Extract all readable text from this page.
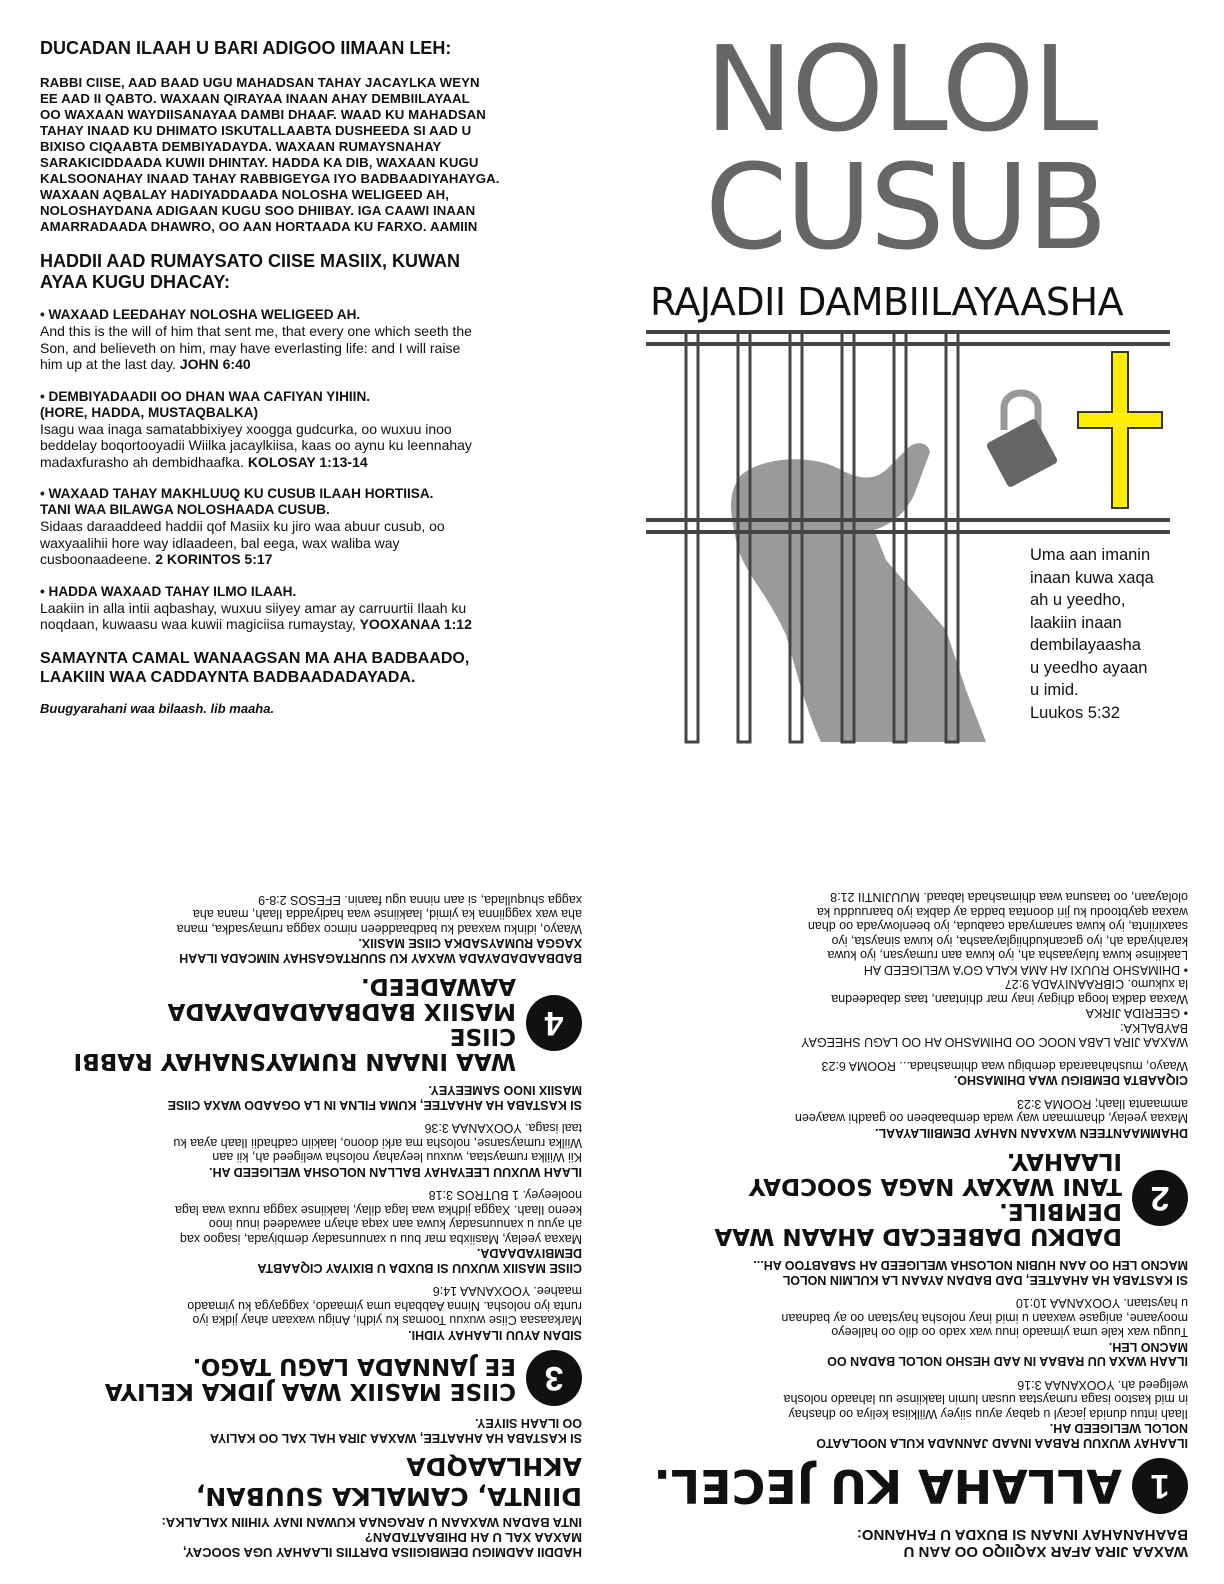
DUCADAN ILAAH U BARI ADIGOO IIMAAN LEH:
RABBI CIISE, AAD BAAD UGU MAHADSAN TAHAY JACAYLKA WEYN
EE AAD II QABTO. WAXAAN QIRAYAA INAAN AHAY DEMBIILAYAAL
OO WAXAAN WAYDIISANAYAA DAMBI DHAAF. WAAD KU MAHADSAN
TAHAY INAAD KU DHIMATO ISKUTALLAABTA DUSHEEDA SI AAD U
BIXISO CIQAABTA DEMBIYADAYDA. WAXAAN RUMAYSNAHAY
SARAKICIDDAADA KUWII DHINTAY. HADDA KA DIB, WAXAAN KUGU
KALSOONAHAY INAAD TAHAY RABBIGEYGA IYO BADBAADIYAHAYGA.
WAXAAN AQBALAY HADIYADDAADA NOLOSHA WELIGEED AH,
NOLOSHAYDANA ADIGAAN KUGU SOO DHIIBAY. IGA CAAWI INAAN
AMARRADAADA DHAWRO, OO AAN HORTAADA KU FARXO. AAMIIN
HADDII AAD RUMAYSATO CIISE MASIIX, KUWAN
AYAA KUGU DHACAY:
• WAXAAD LEEDAHAY NOLOSHA WELIGEED AH.
And this is the will of him that sent me, that every one which seeth the
Son, and believeth on him, may have everlasting life: and I will raise
him up at the last day. JOHN 6:40
• DEMBIYADAADII OO DHAN WAA CAFIYAN YIHIIN.
(HORE, HADDA, MUSTAQBALKA)
Isagu waa inaga samatabbixiyey xoogga gudcurka, oo wuxuu inoo
beddelay boqortooyadii Wiilka jacaylkiisa, kaas oo aynu ku leennahay
madaxfurasho ah dembidhaafka. KOLOSAY 1:13-14
• WAXAAD TAHAY MAKHLUUQ KU CUSUB ILAAH HORTIISA.
TANI WAA BILAWGA NOLOSHAADA CUSUB.
Sidaas daraaddeed haddii qof Masiix ku jiro waa abuur cusub, oo
waxyaalihii hore way idlaadeen, bal eega, wax waliba way
cusboonaadeene. 2 KORINTOS 5:17
• HADDA WAXAAD TAHAY ILMO ILAAH.
Laakiin in alla intii aqbashay, wuxuu siiyey amar ay carruurtii Ilaah ku
noqdaan, kuwaasu waa kuwii magiciisa rumaystay, YOOXANAA 1:12
SAMAYNTA CAMAL WANAAGSAN MA AHA BADBAADO,
LAAKIIN WAA CADDAYNTA BADBAADADAYADA.
Buugyarahani waa bilaash. lib maaha.
NOLOL
CUSUB
RAJADII DAMBIILAYAASHA
Uma aan imanin
inaan kuwa xaqa
ah u yeedho,
laakiin inaan
dembilayaasha
u yeedho ayaan
u imid.
Luukos 5:32
WAXAA JIRA AFAR XAQIIQO OO AAN U
BAAHANAHAY INAAN SI BUXDA U FAHANNO:
1
ALLAHA KU JECEL.
ILAAHAY WUXUU RABAA INAAD JANNADA KULA NOOLAATO
NOLOL WELIGEED AH.
Ilaah intuu dunida jacayl u qabay ayuu siiyey Wiilkiisa keliya oo dhashay
in mid kastoo isaga rumaystaa uusan lumin laakiinse uu lahaado nolosha
weligeed ah. YOOXANAA 3:16
ILAAH WAXA UU RABAA IN AAD HESHO NOLOL BADAN OO
MACNO LEH.
Tuugu wax kale uma yimaado inuu wax xado oo dilo oo halleeyo
mooyaane, anigase waxaan u imid inay nolosha haystaan oo ay badnaan
u haystaan. YOOXANAA 10:10
SI KASTABA HA AHAATEE, DAD BADAN AYAAN LA KULMIN NOLOL
MACNO LEH OO AAN HUBIN NOLOSHA WELIGEED AH SABABTOO AH...
2
DADKU DABEECAD AHAAN WAA DEMBILE.
TANI WAXAY NAGA SOOCDAY ILAAHAY.
DHAMMAANTEEN WAXAAN NAHAY DEMBIILAYAAL.
Maxaa yeelay, dhammaan way wada dembaabeen oo gaadhi waayeen
ammaanta Ilaah; ROOMA 3:23
CIQAABTA DEMBIGU WAA DHIMASHO.
Waayo, mushahaarada dembigu waa dhimashada... ROOMA 6:23
WAXAA JIRA LABA NOOC OO DHIMASHO AH OO LAGU SHEEGAY
BAYBALKA:
• GEERIDA JIRKA
Waxaa dadka looga dhigay inay mar dhintaan, taas dabadeedna
la xukumo. CIBRAANIYADA 9:27
• DHIMASHO RUUXI AH AMA KALA GO'A WELIGEED AH
Laakiinse kuwa fulayaasha ah, iyo kuwa aan rumaysan, iyo kuwa
karahiyada ah, iyo gacankudhiiglayaasha, iyo kuwa sinaysta, iyo
saaxiriinta, iyo kuwa sanamyada caabuda, iyo beenlowyada oo dhan
waxaa qaybtoodu ku jiri doontaa badda ay dabka iyo baaruuddu ka
ololayaan, oo taasuna waa dhimashada labaad. MUUJINTII 21:8
HADDII AADMIGU DEMBIGIISA DARTIIS ILAAHAY UGA SOOCAY,
MAXAA XAL U AH DHIBAATADAN?
INTA BADAN WAXAAN U ARAGNAA KUWAN INAY YIHIIN XALALKA:
DIINTA, CAMALKA SUUBAN, AKHLAAQDA
SI KASTABA HA AHAATEE, WAXAA JIRA HAL XAL OO KALIYA
OO ILAAH SIIYEY.
3
CIISE MASIIX WAA JIDKA KELIYA
EE JANNADA LAGU TAGO.
SIDAN AYUU ILAAHAY YIDHI.
Markaasaa Ciise wuxuu Toomas ku yidhi, Anigu waxaan ahay jidka iyo
runta iyo nolosha. Ninna Aabbaha uma yimaado, xaggayga ku yimaado
maahee. YOOXANAA 14:6
CIISE MASIIX WUXUU SI BUXDA U BIXIYAY CIQAABTA
DEMBIYADAADA.
Maxaa yeelay, Masiixba mar buu u xanuunsaday dembiyada, isagoo xaq
ah ayuu u xanuunsaday kuwa aan xaqa ahayn aawadeed inuu inoo
keeno Ilaah. Xagga jidhka waa laga dilay, laakiinse xagga ruuxa waa laga
nooleeyey. 1 BUTROS 3:18
ILAAH WUXUU LEEYAHAY BALLAN NOLOSHA WELIGEED AH.
Kii Wiilka rumaystaa, wuxuu leeyahay nolosha weligeed ah, kii aan
Wiilka rumaysanse, nolosha ma arki doono, laakiin cadhadii Ilaah ayaa ku
taal isaga. YOOXANAA 3:36
SI KASTABA HA AHAATEE, KUMA FILNA IN LA OGAADO WAXA CIISE
MASIIX INOO SAMEEYEY.
4
WAA INAAN RUMAYSNAHAY RABBI CIISE
MASIIX BADBAADADAYADA AAWADEED.
BADBAADADAYADA WAXAY KU SUURTAGASHAY NIMCADA ILAAH
XAGGA RUMAYSADKA CIISE MASIIX.
Waayo, idinku waxaad ku badbaaddeen nimco xagga rumaysadka, mana
aha wax xaggiinna ka yimid, laakiinse waa hadiyadda Ilaah, mana aha
xagga shuqullada, si aan ninna ugu faanin. EFESOS 2:8-9
